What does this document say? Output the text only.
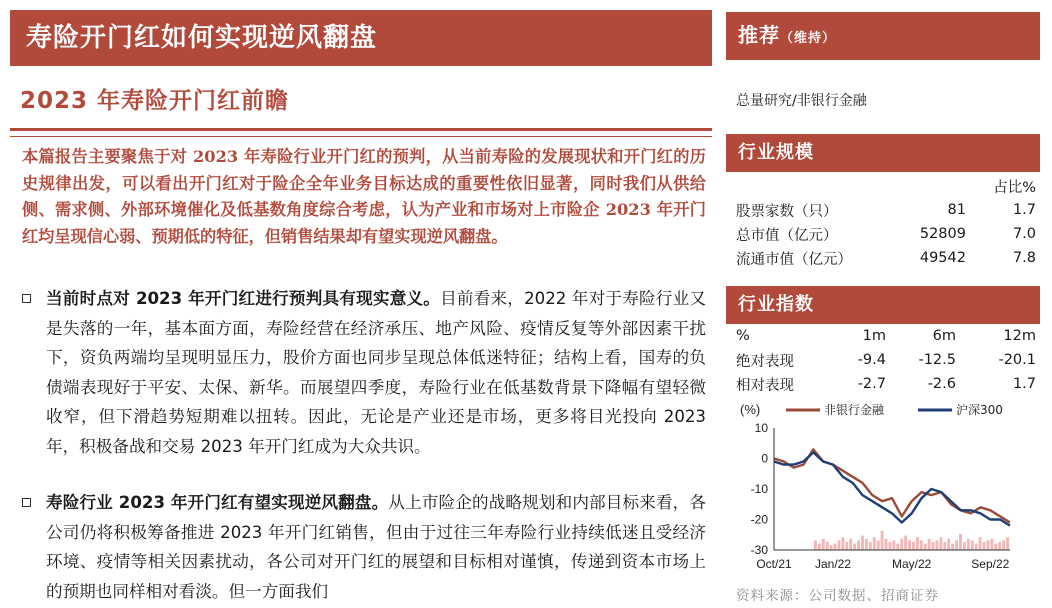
寿险开门红如何实现逆风翻盘
2023 年寿险开门红前瞻
本篇报告主要聚焦于对 2023 年寿险行业开门红的预判，从当前寿险的发展现状和开门红的历史规律出发，可以看出开门红对于险企全年业务目标达成的重要性依旧显著，同时我们从供给侧、需求侧、外部环境催化及低基数角度综合考虑，认为产业和市场对上市险企 2023 年开门红均呈现信心弱、预期低的特征，但销售结果却有望实现逆风翻盘。
当前时点对 2023 年开门红进行预判具有现实意义。目前看来，2022 年对于寿险行业又是失落的一年，基本面方面，寿险经营在经济承压、地产风险、疫情反复等外部因素干扰下，资负两端均呈现明显压力，股价方面也同步呈现总体低迷特征；结构上看，国寿的负债端表现好于平安、太保、新华。而展望四季度，寿险行业在低基数背景下降幅有望轻微收窄，但下滑趋势短期难以扭转。因此，无论是产业还是市场，更多将目光投向 2023 年，积极备战和交易 2023 年开门红成为大众共识。
寿险行业 2023 年开门红有望实现逆风翻盘。从上市险企的战略规划和内部目标来看，各公司仍将积极筹备推进 2023 年开门红销售，但由于过往三年寿险行业持续低迷且受经济环境、疫情等相关因素扰动，各公司对开门红的展望和目标相对谨慎，传递到资本市场上的预期也同样相对看淡。但一方面我们
推荐（维持）
总量研究/非银行金融
行业规模
		占比%
股票家数（只）	81	1.7
总市值（亿元）	52809	7.0
流通市值（亿元）	49542	7.8
行业指数
%	1m	6m	12m
绝对表现	-9.4	-12.5	-20.1
相对表现	-2.7	-2.6	1.7
(%)	非银行金融	沪深300
10
0
-10
-20
-30
Oct/21 Jan/22	May/22	Sep/22
资料来源：公司数据、招商证券
